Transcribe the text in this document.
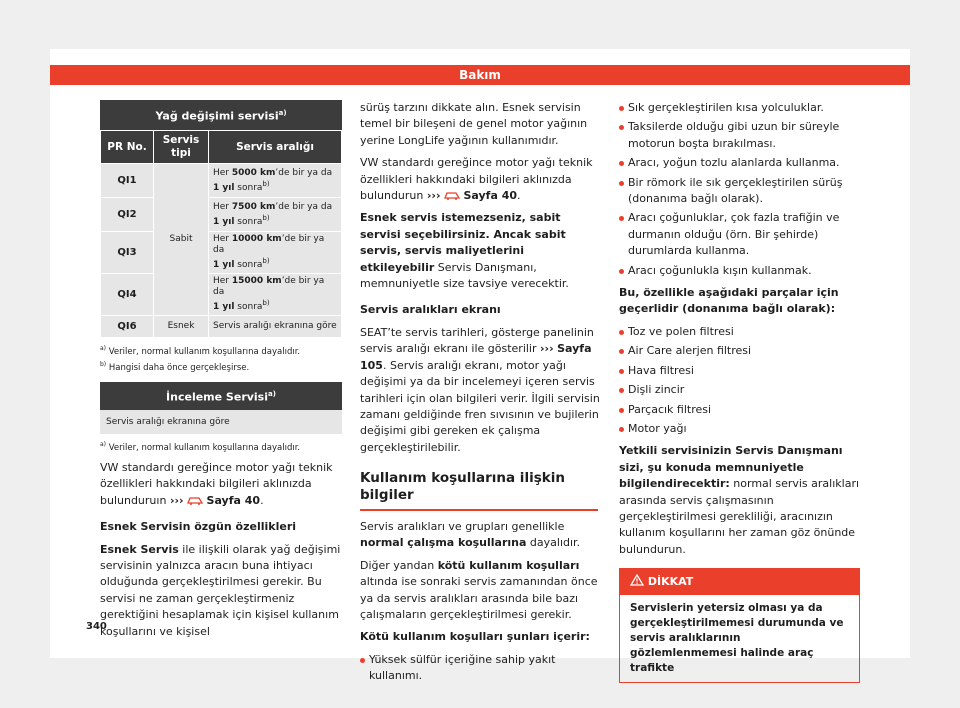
Bakım
Yağ değişimi servisi$^{a)}$
PR No.	Servis tipi	Servis aralığı
QI1	Sabit	Her 5000 km’de bir ya da
1 yıl sonra$^{b)}$
QI2		Her 7500 km’de bir ya da
1 yıl sonra$^{b)}$
QI3		Her 10000 km’de bir ya da
1 yıl sonra$^{b)}$
QI4		Her 15000 km’de bir ya da
1 yıl sonra$^{b)}$
QI6	Esnek	Servis aralığı ekranına göre
$^{a)}$ Veriler, normal kullanım koşullarına dayalıdır.
$^{b)}$ Hangisi daha önce gerçekleşirse.
İnceleme Servisi$^{a)}$
Servis aralığı ekranına göre
$^{a)}$ Veriler, normal kullanım koşullarına dayalıdır.

VW standardı gereğince motor yağı teknik özellikleri hakkındaki bilgileri aklınızda bulunduruın ››› Sayfa 40.

Esnek Servisin özgün özellikleri

Esnek Servis ile ilişkili olarak yağ değişimi servisinin yalnızca aracın buna ihtiyacı olduğunda gerçekleştirilmesi gerekir. Bu servisi ne zaman gerçekleştirmeniz gerektiğini hesaplamak için kişisel kullanım koşullarını ve kişisel

sürüş tarzını dikkate alın. Esnek servisin temel bir bileşeni de genel motor yağının yerine LongLife yağının kullanımıdır.

VW standardı gereğince motor yağı teknik özellikleri hakkındaki bilgileri aklınızda bulundurun ››› Sayfa 40.

Esnek servis istemezseniz, sabit servisi seçebilirsiniz. Ancak sabit servis, servis maliyetlerini etkileyebilir Servis Danışmanı, memnuniyetle size tavsiye verecektir.

Servis aralıkları ekranı

SEAT’te servis tarihleri, gösterge panelinin servis aralığı ekranı ile gösterilir ››› Sayfa 105. Servis aralığı ekranı, motor yağı değişimi ya da bir incelemeyi içeren servis tarihleri için olan bilgileri verir. İlgili servisin zamanı geldiğinde fren sıvısının ve bujilerin değişimi gibi gereken ek çalışma gerçekleştirilebilir.

Kullanım koşullarına ilişkin bilgiler

Servis aralıkları ve grupları genellikle normal çalışma koşullarına dayalıdır.

Diğer yandan kötü kullanım koşulları altında ise sonraki servis zamanından önce ya da servis aralıkları arasında bile bazı çalışmaların gerçekleştirilmesi gerekir.

Kötü kullanım koşulları şunları içerir:

Yüksek sülfür içeriğine sahip yakıt kullanımı.
Sık gerçekleştirilen kısa yolculuklar.
Taksilerde olduğu gibi uzun bir süreyle motorun boşta bırakılması.
Aracı, yoğun tozlu alanlarda kullanma.
Bir römork ile sık gerçekleştirilen sürüş (donanıma bağlı olarak).
Aracı çoğunluklar, çok fazla trafiğin ve durmanın olduğu (örn. Bir şehirde) durumlarda kullanma.
Aracı çoğunlukla kışın kullanmak.

Bu, özellikle aşağıdaki parçalar için geçerlidir (donanıma bağlı olarak):

Toz ve polen filtresi
Air Care alerjen filtresi
Hava filtresi
Dişli zincir
Parçacık filtresi
Motor yağı

Yetkili servisinizin Servis Danışmanı sizi, şu konuda memnuniyetle bilgilendirecektir: normal servis aralıkları arasında servis çalışmasının gerçekleştirilmesi gerekliliği, aracınızın kullanım koşullarını her zaman göz önünde bulundurun.

DİKKAT
Servislerin yetersiz olması ya da gerçekleştirilmemesi durumunda ve servis aralıklarının gözlemlenmemesi halinde araç trafikte
340
